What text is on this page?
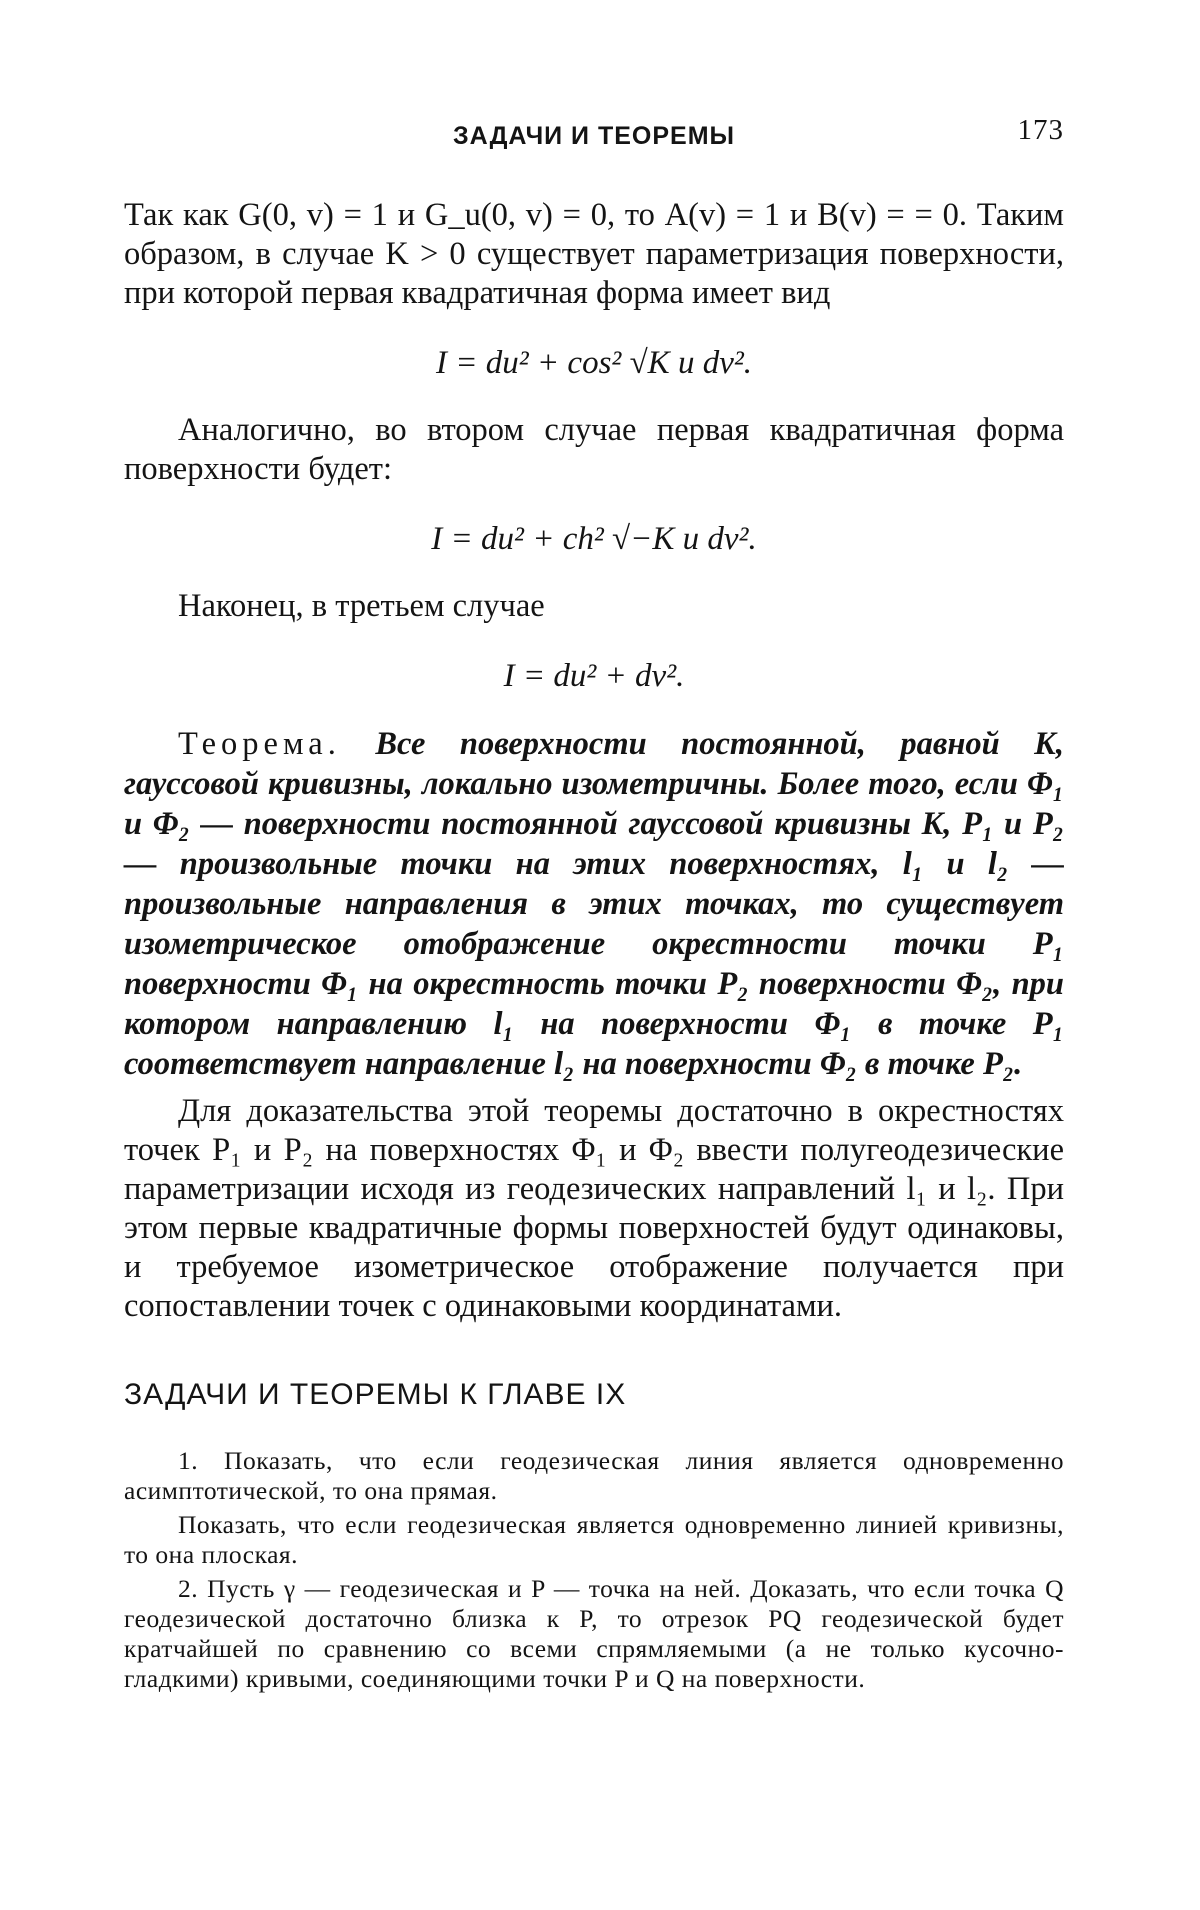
ЗАДАЧИ И ТЕОРЕМЫ	173

Так как G(0, v) = 1 и G_u(0, v) = 0, то A(v) = 1 и B(v) = = 0. Таким образом, в случае K > 0 существует параметризация поверхности, при которой первая квадратичная форма имеет вид

I = du² + cos² √K u dv².

Аналогично, во втором случае первая квадратичная форма поверхности будет:

I = du² + ch² √−K u dv².

Наконец, в третьем случае

I = du² + dv².

Теорема. Все поверхности постоянной, равной K, гауссовой кривизны, локально изометричны. Более того, если Φ₁ и Φ₂ — поверхности постоянной гауссовой кривизны K, P₁ и P₂ — произвольные точки на этих поверхностях, l₁ и l₂ — произвольные направления в этих точках, то существует изометрическое отображение окрестности точки P₁ поверхности Φ₁ на окрестность точки P₂ поверхности Φ₂, при котором направлению l₁ на поверхности Φ₁ в точке P₁ соответствует направление l₂ на поверхности Φ₂ в точке P₂.

Для доказательства этой теоремы достаточно в окрестностях точек P₁ и P₂ на поверхностях Φ₁ и Φ₂ ввести полугеодезические параметризации исходя из геодезических направлений l₁ и l₂. При этом первые квадратичные формы поверхностей будут одинаковы, и требуемое изометрическое отображение получается при сопоставлении точек с одинаковыми координатами.

ЗАДАЧИ И ТЕОРЕМЫ К ГЛАВЕ IX

1. Показать, что если геодезическая линия является одновременно асимптотической, то она прямая.

Показать, что если геодезическая является одновременно линией кривизны, то она плоская.

2. Пусть γ — геодезическая и P — точка на ней. Доказать, что если точка Q геодезической достаточно близка к P, то отрезок PQ геодезической будет кратчайшей по сравнению со всеми спрямляемыми (а не только кусочно-гладкими) кривыми, соединяющими точки P и Q на поверхности.
